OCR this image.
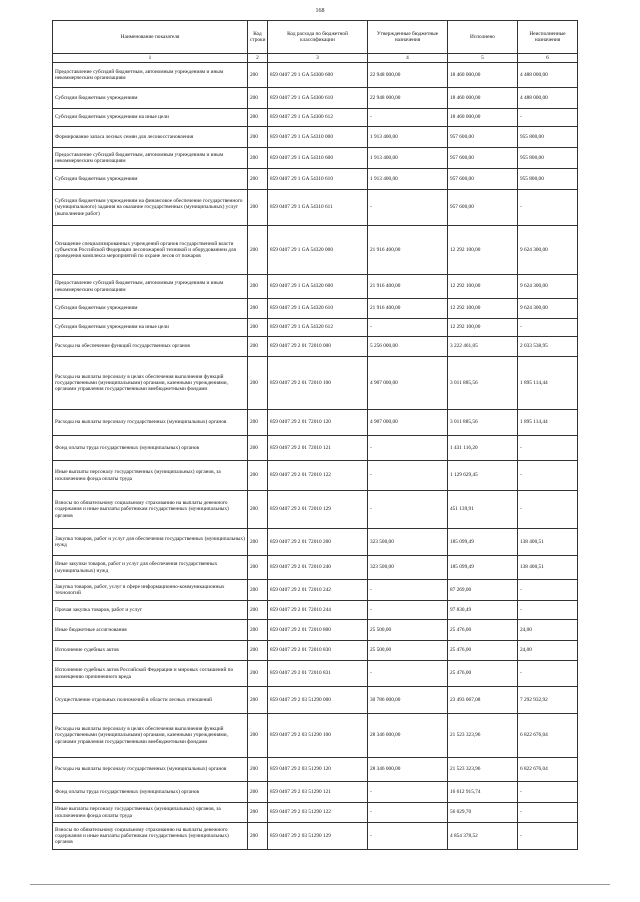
168
Наименование показателя	Код строки	Код расхода по бюджетной классификации	Утвержденные бюджетные назначения	Исполнено	Неисполненные назначения
1	2	3	4	5	6
Предоставление субсидий бюджетным, автономным учреждениям и иным некоммерческим организациям	200	859 0407 29 1 GA 54300 600	22 948 000,00	18 460 000,00	4 488 000,00
Субсидии бюджетным учреждениям	200	859 0407 29 1 GA 54300 610	22 948 000,00	18 460 000,00	4 488 000,00
Субсидии бюджетным учреждениям на иные цели	200	859 0407 29 1 GA 54300 612	-	18 460 000,00	-
Формирование запаса лесных семян для лесовосстановления	200	859 0407 29 1 GA 54310 000	1 913 400,00	957 600,00	955 800,00
Предоставление субсидий бюджетным, автономным учреждениям и иным некоммерческим организациям	200	859 0407 29 1 GA 54310 600	1 913 400,00	957 600,00	955 800,00
Субсидии бюджетным учреждениям	200	859 0407 29 1 GA 54310 610	1 913 400,00	957 600,00	955 800,00
Субсидии бюджетным учреждениям на финансовое обеспечение государственного (муниципального) задания на оказание государственных (муниципальных) услуг (выполнение работ)	200	859 0407 29 1 GA 54310 611	-	957 600,00	-
Оснащение специализированных учреждений органов государственной власти субъектов Российской Федерации лесопожарной техникой и оборудованием для проведения комплекса мероприятий по охране лесов от пожаров	200	859 0407 29 1 GA 54320 000	21 916 400,00	12 292 100,00	9 624 300,00
Предоставление субсидий бюджетным, автономным учреждениям и иным некоммерческим организациям	200	859 0407 29 1 GA 54320 600	21 916 400,00	12 292 100,00	9 624 300,00
Субсидии бюджетным учреждениям	200	859 0407 29 1 GA 54320 610	21 916 400,00	12 292 100,00	9 624 300,00
Субсидии бюджетным учреждениям на иные цели	200	859 0407 29 1 GA 54320 612	-	12 292 100,00	-
Расходы на обеспечение функций государственных органов	200	859 0407 29 2 01 72010 000	5 256 000,00	3 222 461,05	2 033 538,95
Расходы на выплаты персоналу в целях обеспечения выполнения функций государственными (муниципальными) органами, казенными учреждениями, органами управления государственными внебюджетными фондами	200	859 0407 29 2 01 72010 100	4 907 000,00	3 011 885,56	1 895 114,44
Расходы на выплаты персоналу государственных (муниципальных) органов	200	859 0407 29 2 01 72010 120	4 907 000,00	3 011 885,56	1 895 114,44
Фонд оплаты труда государственных (муниципальных) органов	200	859 0407 29 2 01 72010 121	-	1 431 116,20	-
Иные выплаты персоналу государственных (муниципальных) органов, за исключением фонда оплаты труда	200	859 0407 29 2 01 72010 122	-	1 129 629,45	-
Взносы по обязательному социальному страхованию на выплаты денежного содержания и иные выплаты работникам государственных (муниципальных) органов	200	859 0407 29 2 01 72010 129	-	451 139,91	-
Закупка товаров, работ и услуг для обеспечения государственных (муниципальных) нужд	200	859 0407 29 2 01 72010 200	323 500,00	185 099,49	138 400,51
Иные закупки товаров, работ и услуг для обеспечения государственных (муниципальных) нужд	200	859 0407 29 2 01 72010 240	323 500,00	185 099,49	138 400,51
Закупка товаров, работ, услуг в сфере информационно-коммуникационных технологий	200	859 0407 29 2 01 72010 242	-	87 269,00	-
Прочая закупка товаров, работ и услуг	200	859 0407 29 2 01 72010 244	-	97 830,49	-
Иные бюджетные ассигнования	200	859 0407 29 2 01 72010 800	25 500,00	25 476,00	24,00
Исполнение судебных актов	200	859 0407 29 2 01 72010 830	25 500,00	25 476,00	24,00
Исполнение судебных актов Российской Федерации и мировых соглашений по возмещению причиненного вреда	200	859 0407 29 2 01 72010 831	-	25 476,00	-
Осуществление отдельных полномочий в области лесных отношений	200	859 0407 29 2 03 51290 000	30 786 000,00	23 493 067,08	7 292 932,92
Расходы на выплаты персоналу в целях обеспечения выполнения функций государственными (муниципальными) органами, казенными учреждениями, органами управления государственными внебюджетными фондами	200	859 0407 29 2 03 51290 100	28 346 000,00	21 523 323,96	6 822 676,04
Расходы на выплаты персоналу государственных (муниципальных) органов	200	859 0407 29 2 03 51290 120	28 346 000,00	21 523 323,96	6 822 676,04
Фонд оплаты труда государственных (муниципальных) органов	200	859 0407 29 2 03 51290 121	-	16 612 915,74	-
Иные выплаты персоналу государственных (муниципальных) органов, за исключением фонда оплаты труда	200	859 0407 29 2 03 51290 122	-	56 029,70	-
Взносы по обязательному социальному страхованию на выплаты денежного содержания и иные выплаты работникам государственных (муниципальных) органов	200	859 0407 29 2 03 51290 129	-	4 854 378,52	-
